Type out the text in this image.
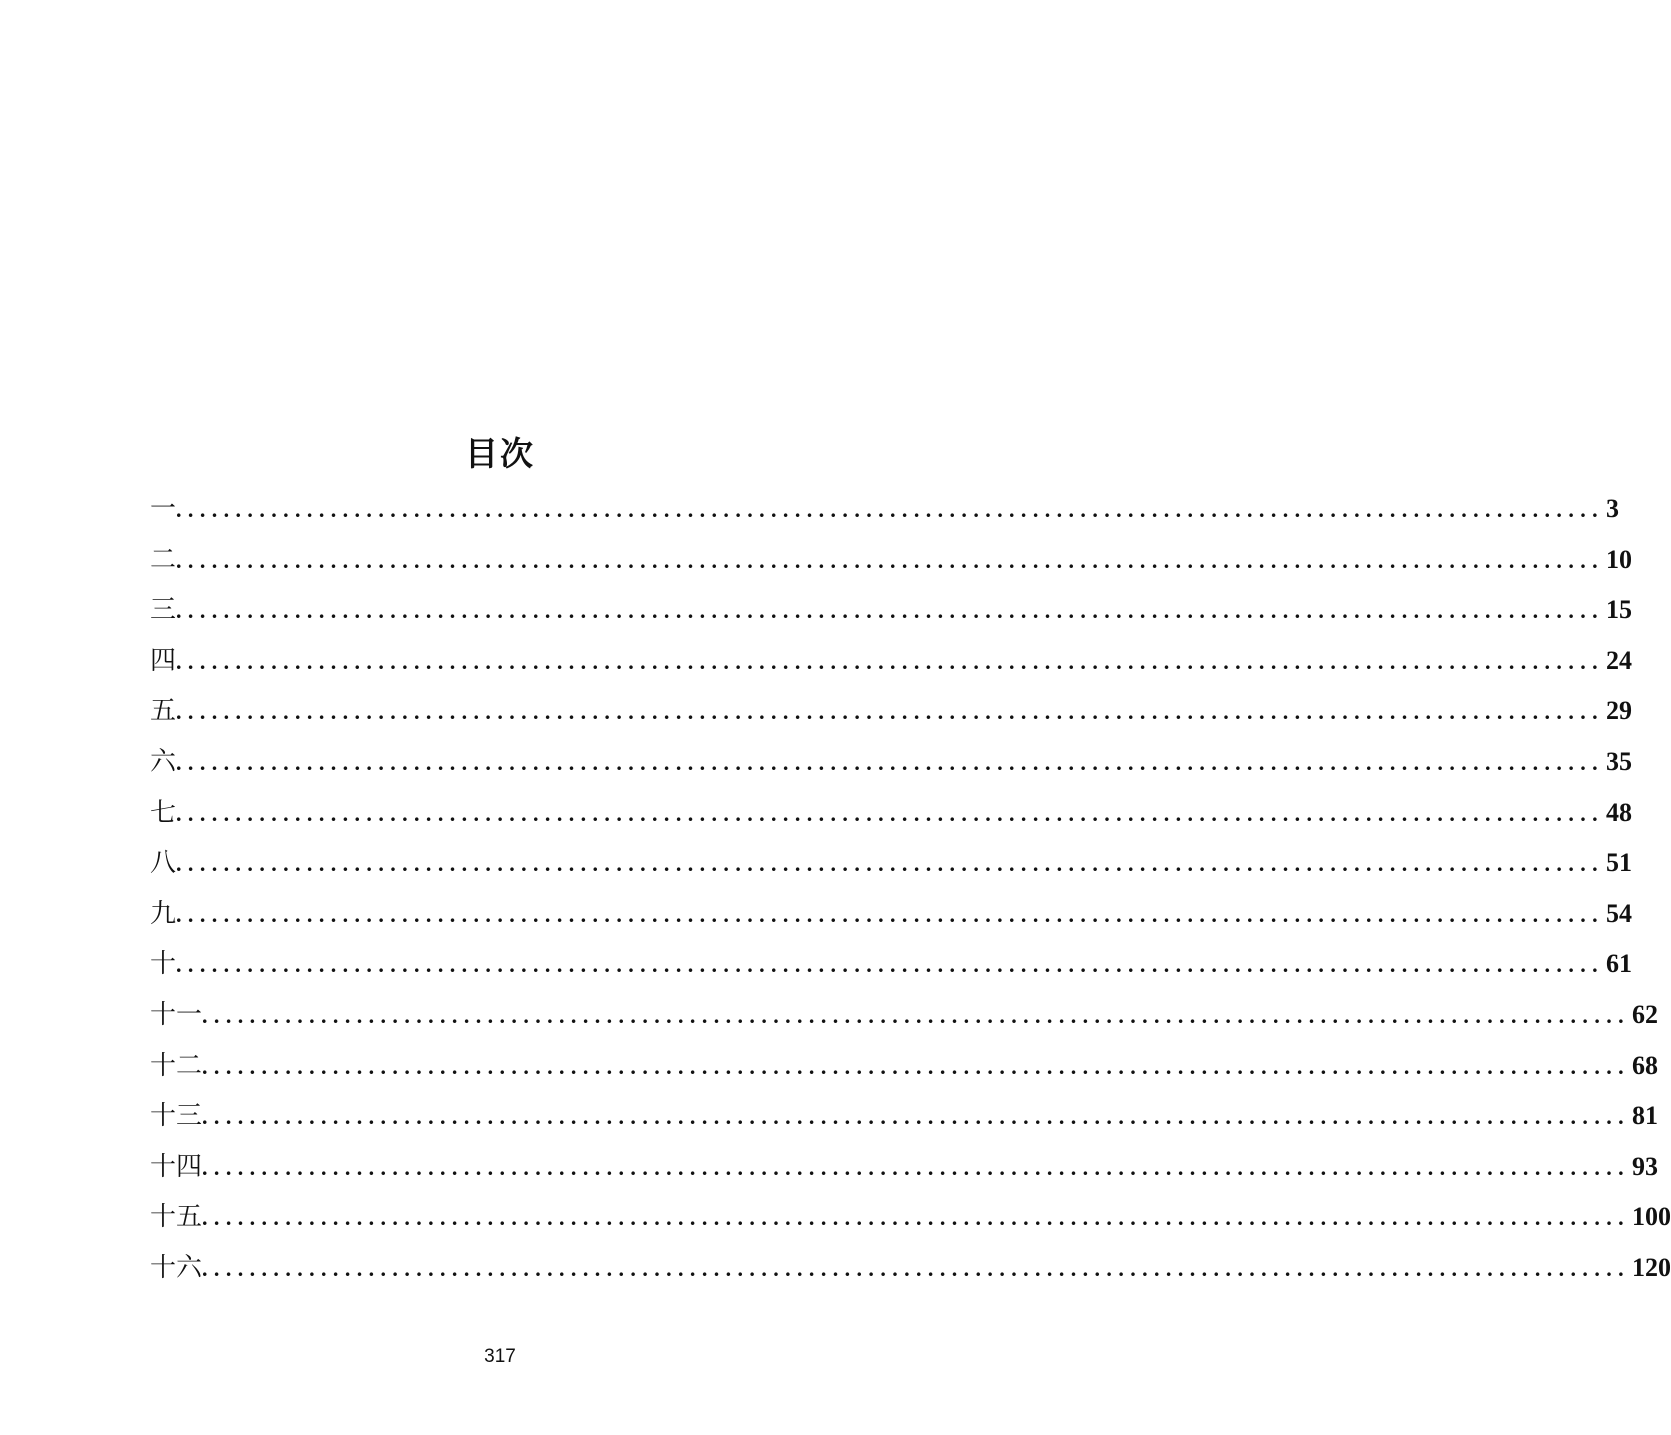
目次
一 ........................................................................................................................ 3
二 ........................................................................................................................ 10
三 ........................................................................................................................ 15
四 ........................................................................................................................ 24
五 ........................................................................................................................ 29
六 ........................................................................................................................ 35
七 ........................................................................................................................ 48
八 ........................................................................................................................ 51
九 ........................................................................................................................ 54
十 ........................................................................................................................ 61
十一 ........................................................................................................................ 62
十二 ........................................................................................................................ 68
十三 ........................................................................................................................ 81
十四 ........................................................................................................................ 93
十五 ........................................................................................................................ 100
十六 ........................................................................................................................ 120
317
